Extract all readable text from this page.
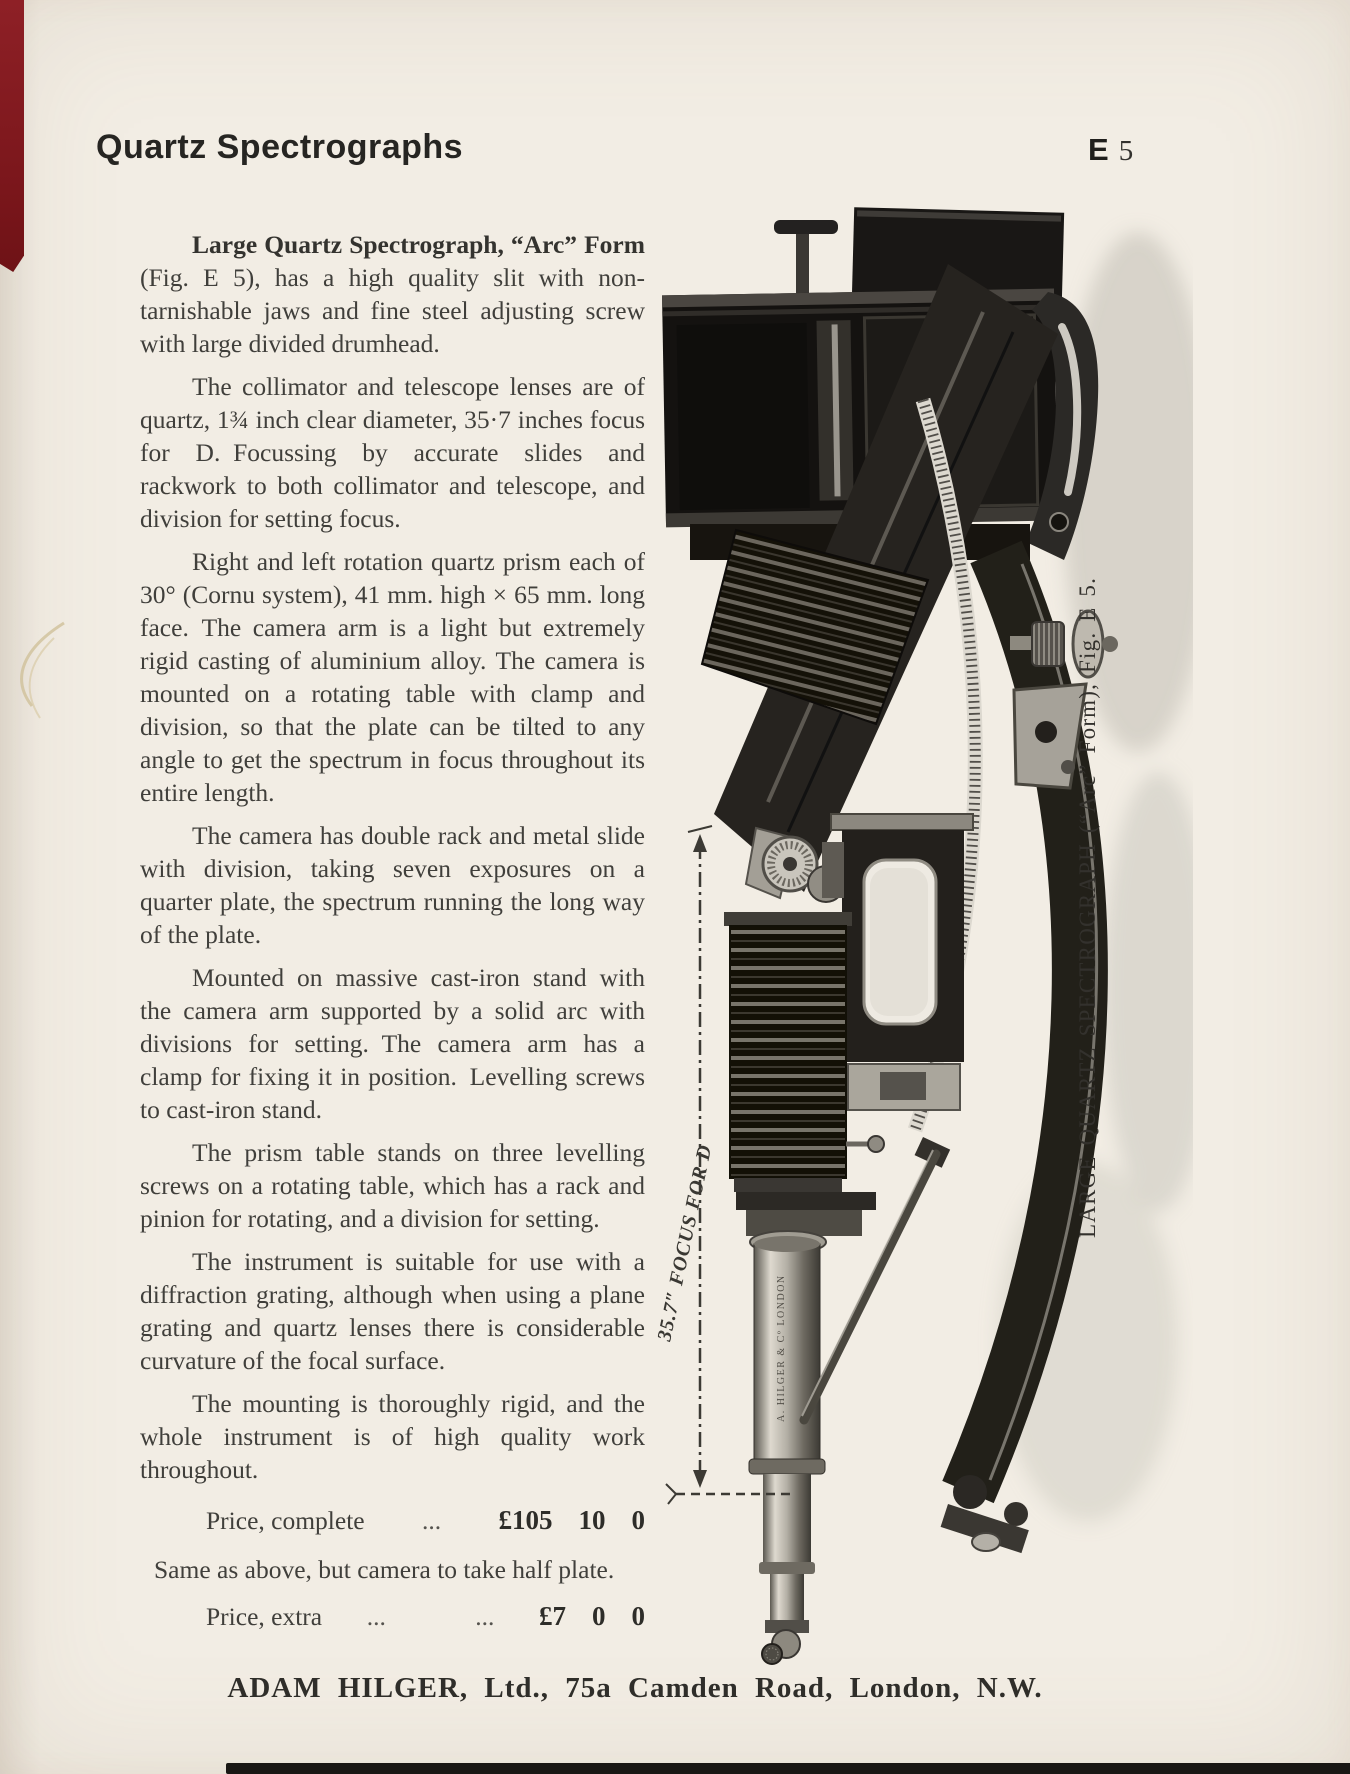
Quartz Spectrographs	E 5

Large Quartz Spectrograph, “Arc” Form (Fig. E 5), has a high quality slit with non-tarnishable jaws and fine steel adjusting screw with large divided drumhead.

The collimator and telescope lenses are of quartz, 1¾ inch clear diameter, 35·7 inches focus for D. Focussing by accurate slides and rackwork to both collimator and telescope, and division for setting focus.

Right and left rotation quartz prism each of 30° (Cornu system), 41 mm. high × 65 mm. long face. The camera arm is a light but extremely rigid casting of aluminium alloy. The camera is mounted on a rotating table with clamp and division, so that the plate can be tilted to any angle to get the spectrum in focus throughout its entire length.

The camera has double rack and metal slide with division, taking seven exposures on a quarter plate, the spectrum running the long way of the plate.

Mounted on massive cast-iron stand with the camera arm supported by a solid arc with divisions for setting. The camera arm has a clamp for fixing it in position. Levelling screws to cast-iron stand.

The prism table stands on three levelling screws on a rotating table, which has a rack and pinion for rotating, and a division for setting.

The instrument is suitable for use with a diffraction grating, although when using a plane grating and quartz lenses there is considerable curvature of the focal surface.

The mounting is thoroughly rigid, and the whole instrument is of high quality work throughout.

Price, complete	...	£105 10 0
Same as above, but camera to take half plate.
Price, extra	...	...	£7 0 0
A. HILGER & Cº LONDON
35.7″ FOCUS FOR D
LARGE QUARTZ SPECTROGRAPH (“Arc” Form), Fig. E 5.
ADAM HILGER, Ltd., 75a Camden Road, London, N.W.
